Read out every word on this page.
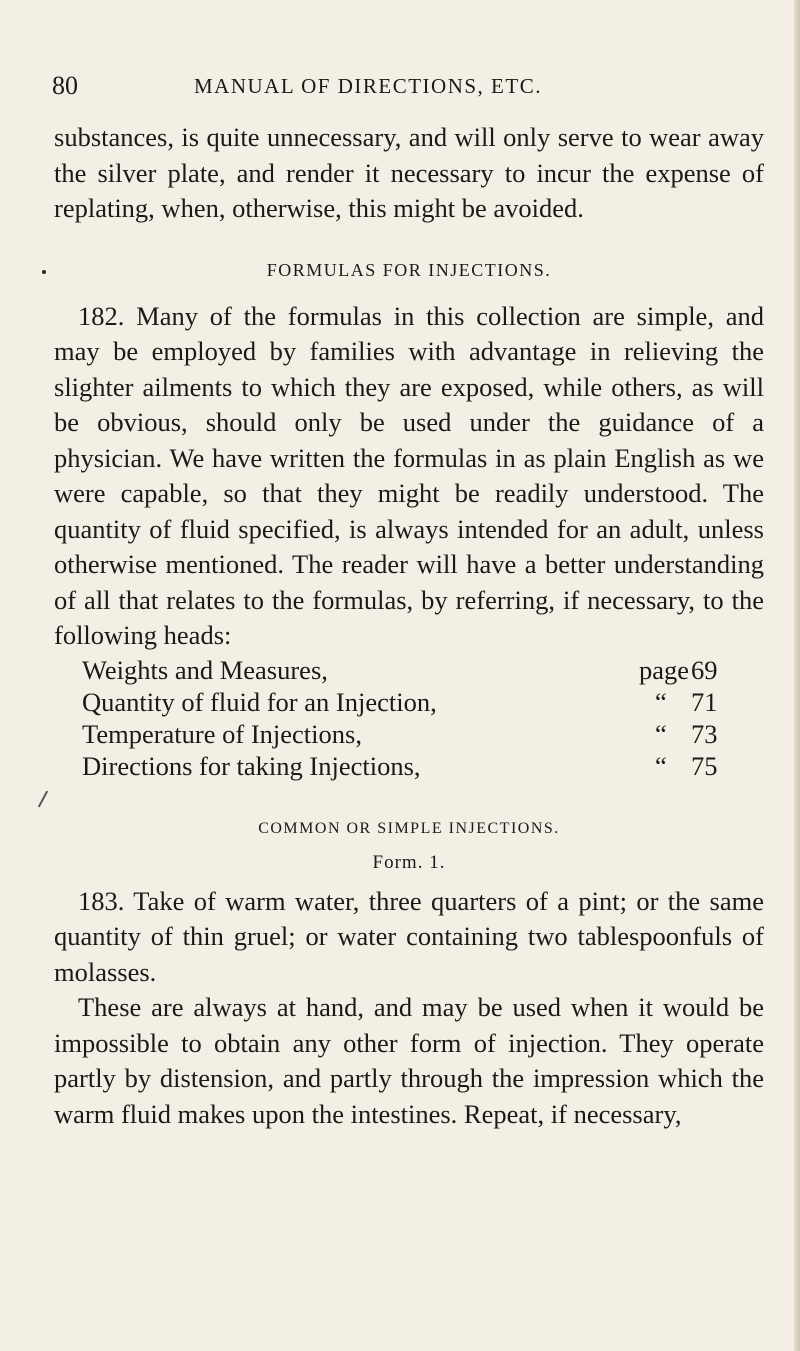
80	MANUAL OF DIRECTIONS, ETC.

substances, is quite unnecessary, and will only serve to wear away the silver plate, and render it necessary to incur the expense of replating, when, otherwise, this might be avoided.

FORMULAS FOR INJECTIONS.

182. Many of the formulas in this collection are simple, and may be employed by families with advantage in relieving the slighter ailments to which they are exposed, while others, as will be obvious, should only be used under the guidance of a physician. We have written the formulas in as plain English as we were capable, so that they might be readily understood. The quantity of fluid specified, is always intended for an adult, unless otherwise mentioned. The reader will have a better understanding of all that relates to the formulas, by referring, if necessary, to the following heads:

Weights and Measures,	page 69
Quantity of fluid for an Injection,	“ 71
Temperature of Injections,	“ 73
Directions for taking Injections,	“ 75

COMMON OR SIMPLE INJECTIONS.

Form. 1.

183. Take of warm water, three quarters of a pint; or the same quantity of thin gruel; or water containing two tablespoonfuls of molasses.

These are always at hand, and may be used when it would be impossible to obtain any other form of injection. They operate partly by distension, and partly through the impression which the warm fluid makes upon the intestines. Repeat, if necessary,
